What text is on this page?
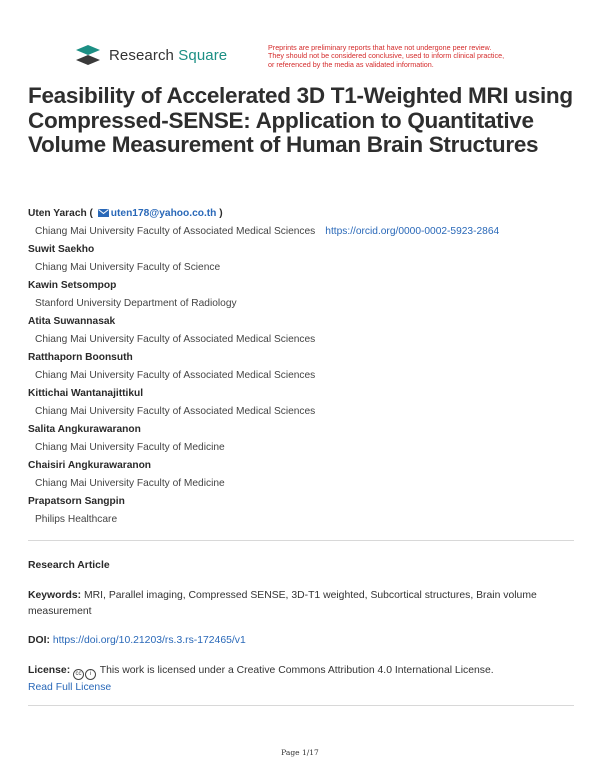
Research Square	Preprints are preliminary reports that have not undergone peer review.
They should not be considered conclusive, used to inform clinical practice,
or referenced by the media as validated information.
Feasibility of Accelerated 3D T1-Weighted MRI using Compressed-SENSE: Application to Quantitative Volume Measurement of Human Brain Structures
Uten Yarach ( uten178@yahoo.co.th )
Chiang Mai University Faculty of Associated Medical Sciences https://orcid.org/0000-0002-5923-2864
Suwit Saekho
Chiang Mai University Faculty of Science
Kawin Setsompop
Stanford University Department of Radiology
Atita Suwannasak
Chiang Mai University Faculty of Associated Medical Sciences
Ratthaporn Boonsuth
Chiang Mai University Faculty of Associated Medical Sciences
Kittichai Wantanajittikul
Chiang Mai University Faculty of Associated Medical Sciences
Salita Angkurawaranon
Chiang Mai University Faculty of Medicine
Chaisiri Angkurawaranon
Chiang Mai University Faculty of Medicine
Prapatsorn Sangpin
Philips Healthcare
Research Article
Keywords: MRI, Parallel imaging, Compressed SENSE, 3D-T1 weighted, Subcortical structures, Brain volume measurement
DOI: https://doi.org/10.21203/rs.3.rs-172465/v1
License: cc	i This work is licensed under a Creative Commons Attribution 4.0 International License.
Read Full License
Page 1/17
